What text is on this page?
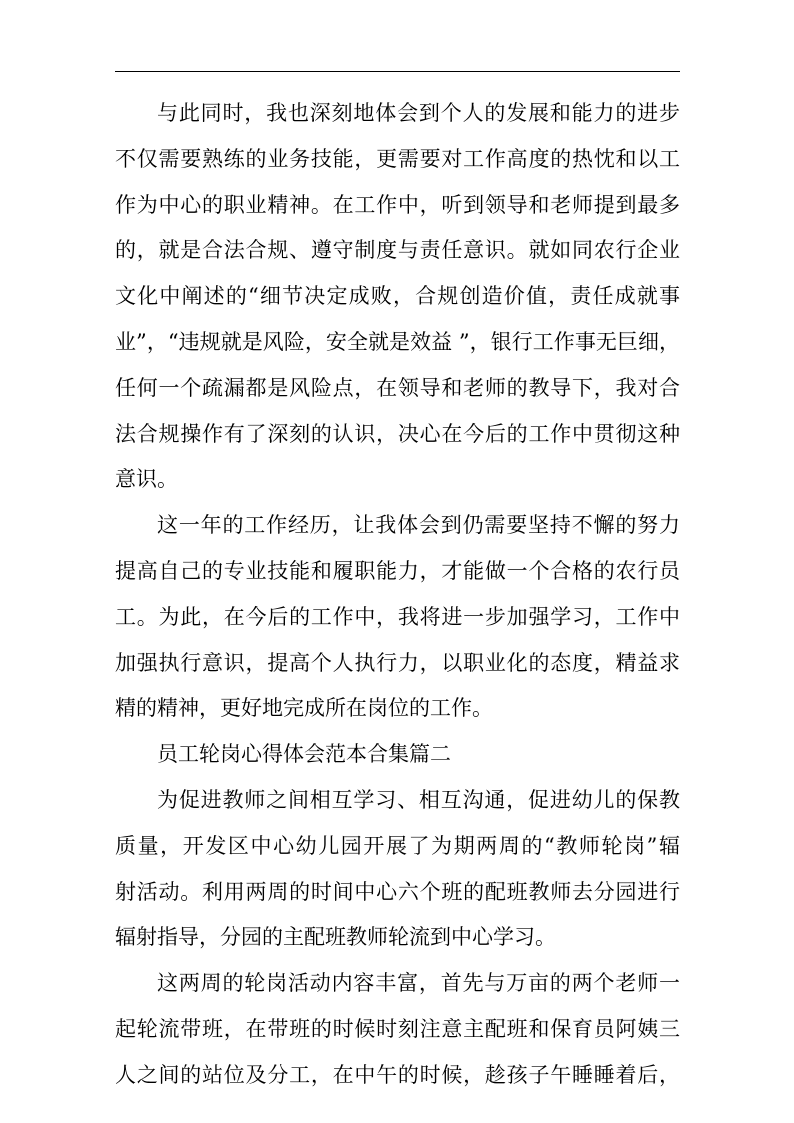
与此同时，我也深刻地体会到个人的发展和能力的进步
不仅需要熟练的业务技能，更需要对工作高度的热忱和以工
作为中心的职业精神。在工作中，听到领导和老师提到最多
的，就是合法合规、遵守制度与责任意识。就如同农行企业
文化中阐述的“细节决定成败，合规创造价值，责任成就事
业”，“违规就是风险，安全就是效益 ”，银行工作事无巨细，
任何一个疏漏都是风险点，在领导和老师的教导下，我对合
法合规操作有了深刻的认识，决心在今后的工作中贯彻这种
意识。
这一年的工作经历，让我体会到仍需要坚持不懈的努力
提高自己的专业技能和履职能力，才能做一个合格的农行员
工。为此，在今后的工作中，我将进一步加强学习，工作中
加强执行意识，提高个人执行力，以职业化的态度，精益求
精的精神，更好地完成所在岗位的工作。
员工轮岗心得体会范本合集篇二
为促进教师之间相互学习、相互沟通，促进幼儿的保教
质量，开发区中心幼儿园开展了为期两周的“教师轮岗”辐
射活动。利用两周的时间中心六个班的配班教师去分园进行
辐射指导，分园的主配班教师轮流到中心学习。
这两周的轮岗活动内容丰富，首先与万亩的两个老师一
起轮流带班，在带班的时候时刻注意主配班和保育员阿姨三
人之间的站位及分工，在中午的时候，趁孩子午睡睡着后，
